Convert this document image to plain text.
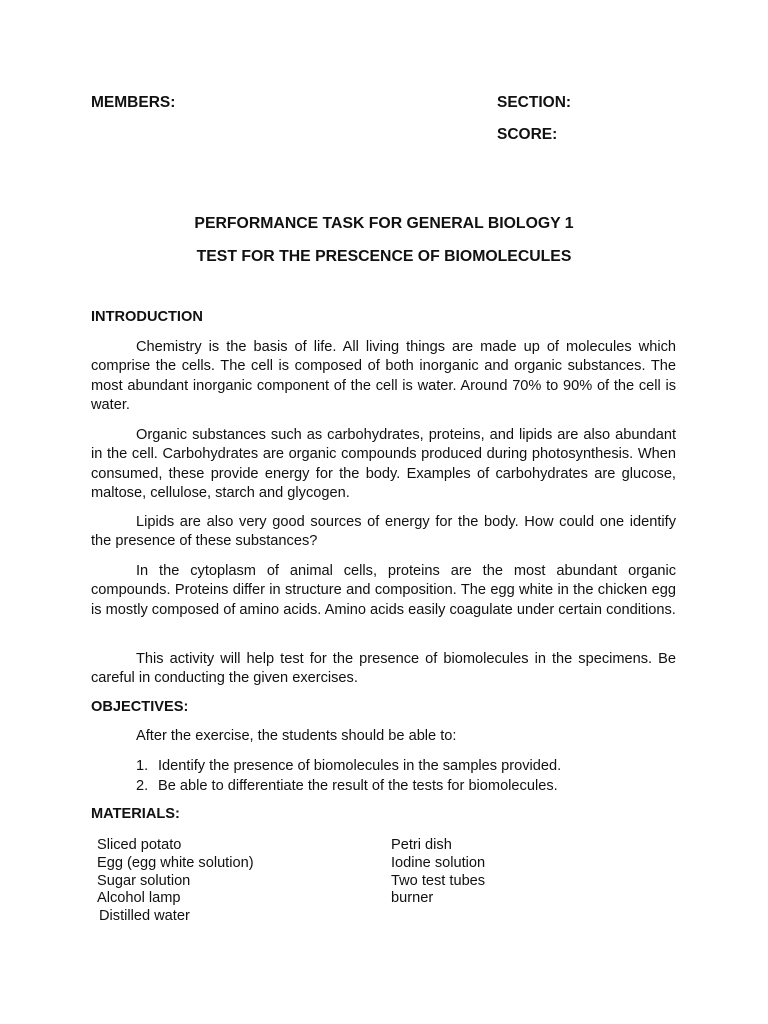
MEMBERS:	SECTION:
SCORE:
PERFORMANCE TASK FOR GENERAL BIOLOGY 1
TEST FOR THE PRESCENCE OF BIOMOLECULES
INTRODUCTION

Chemistry is the basis of life. All living things are made up of molecules which comprise the cells. The cell is composed of both inorganic and organic substances. The most abundant inorganic component of the cell is water. Around 70% to 90% of the cell is water.

Organic substances such as carbohydrates, proteins, and lipids are also abundant in the cell. Carbohydrates are organic compounds produced during photosynthesis. When consumed, these provide energy for the body. Examples of carbohydrates are glucose, maltose, cellulose, starch and glycogen.

Lipids are also very good sources of energy for the body. How could one identify the presence of these substances?

In the cytoplasm of animal cells, proteins are the most abundant organic compounds. Proteins differ in structure and composition. The egg white in the chicken egg is mostly composed of amino acids. Amino acids easily coagulate under certain conditions.

This activity will help test for the presence of biomolecules in the specimens. Be careful in conducting the given exercises.

OBJECTIVES:
After the exercise, the students should be able to:
1. Identify the presence of biomolecules in the samples provided.
2. Be able to differentiate the result of the tests for biomolecules.
MATERIALS:
Sliced potato
Egg (egg white solution)
Sugar solution
Alcohol lamp
Distilled water
Petri dish
Iodine solution
Two test tubes
burner
